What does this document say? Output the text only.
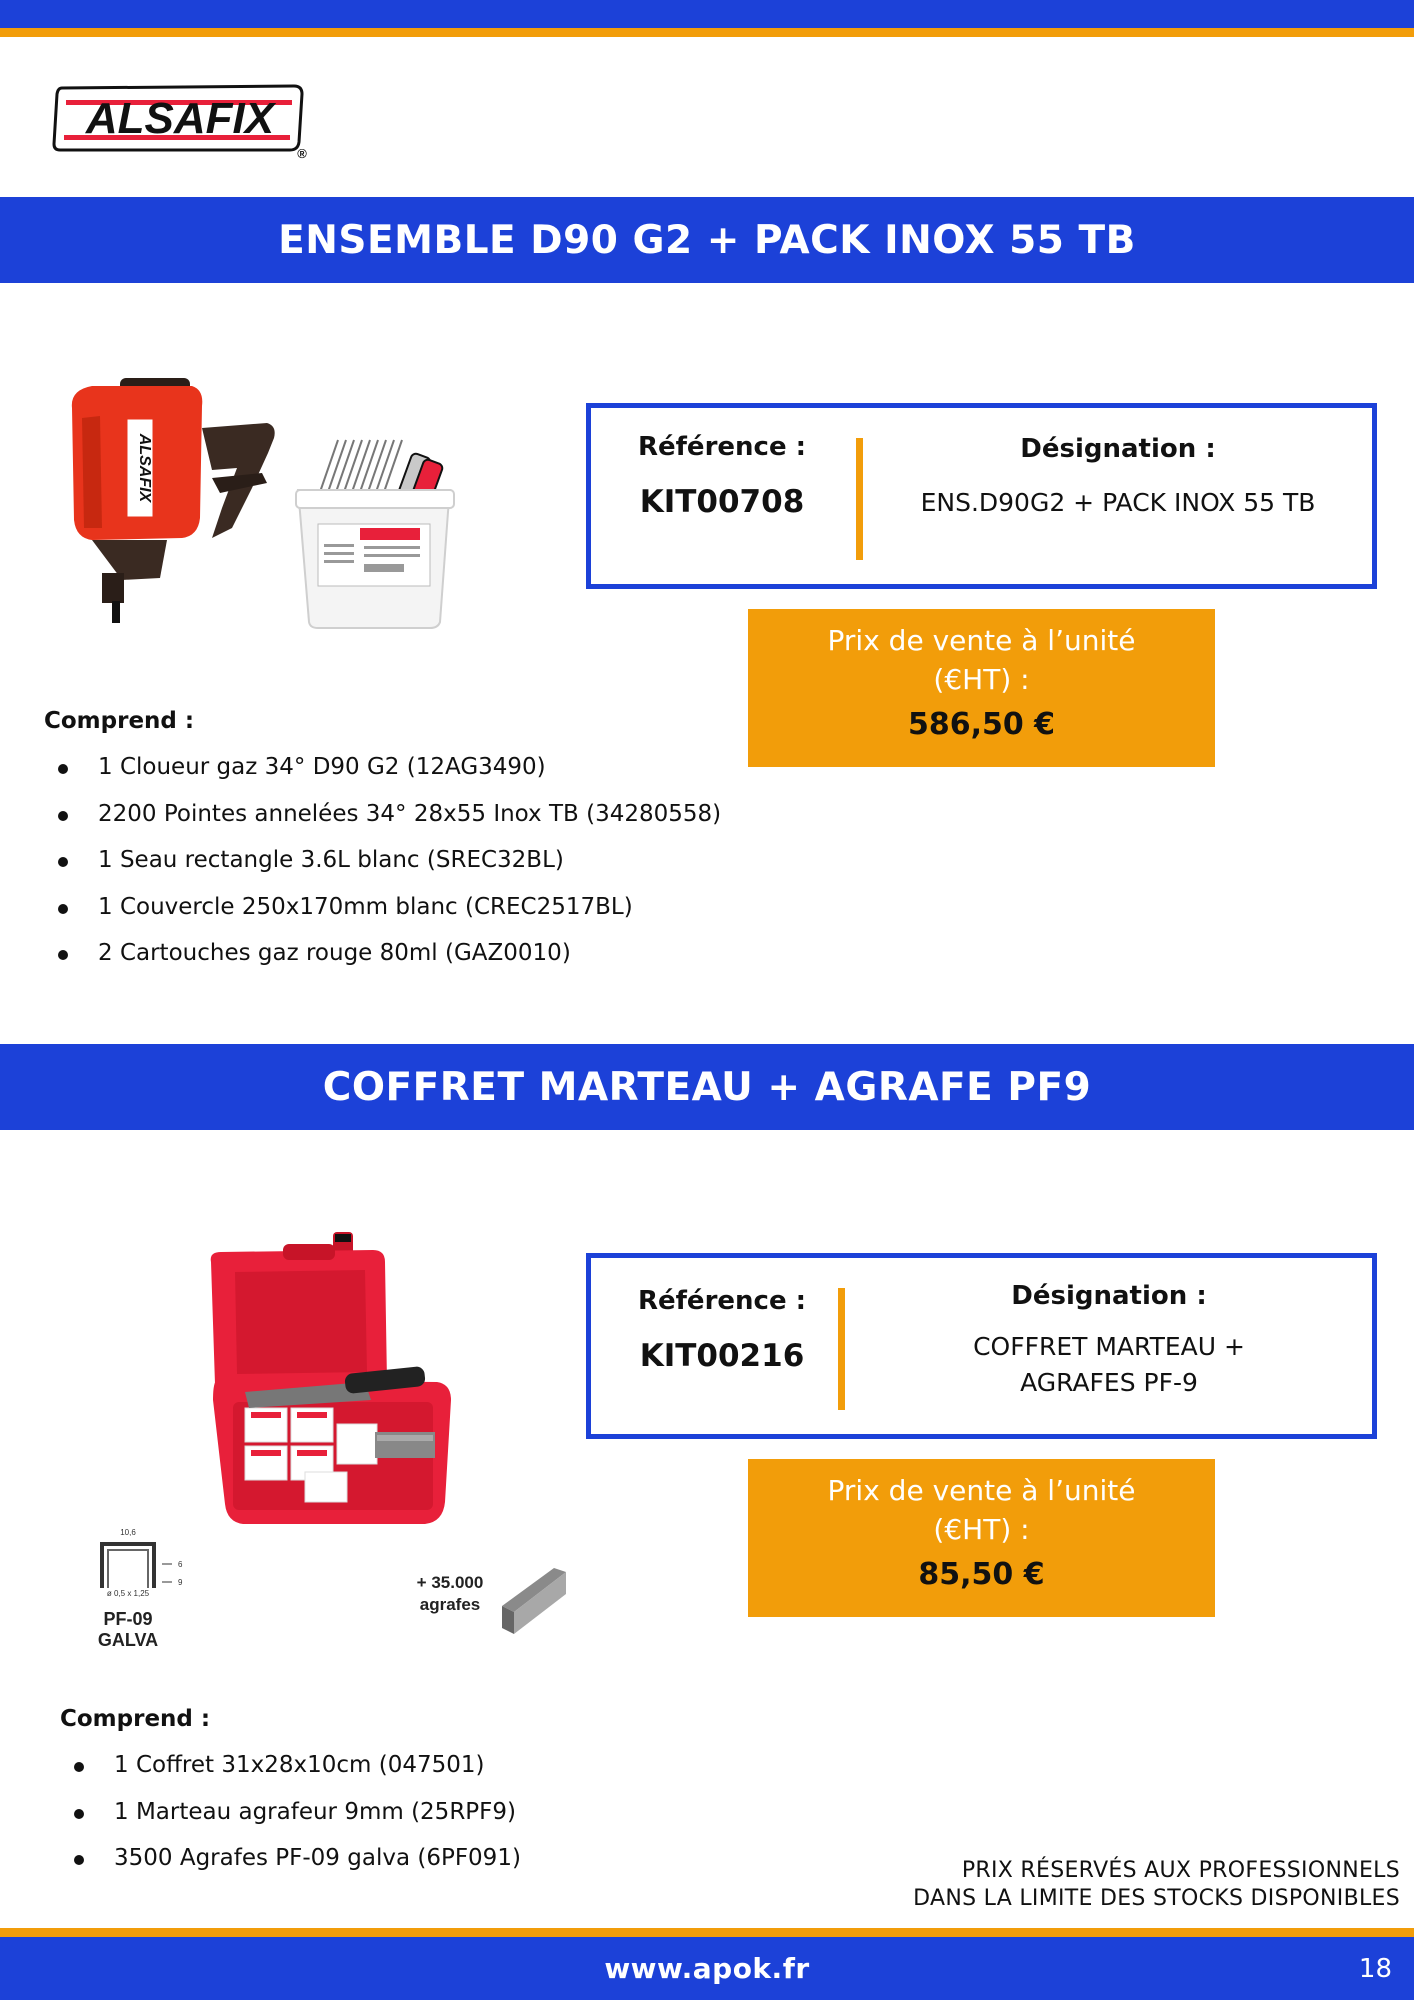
ALSAFIX
®
ENSEMBLE D90 G2 + PACK INOX 55 TB
ALSAFIX	Référence :
KIT00708
Désignation :
ENS.D90G2 + PACK INOX 55 TB
Prix de vente à l’unité (€HT) :
586,50 €
Comprend :
1 Cloueur gaz 34° D90 G2 (12AG3490)
2200 Pointes annelées 34° 28x55 Inox TB (34280558)
1 Seau rectangle 3.6L blanc (SREC32BL)
1 Couvercle 250x170mm blanc (CREC2517BL)
2 Cartouches gaz rouge 80ml (GAZ0010)
COFFRET MARTEAU + AGRAFE PF9
10,6
6
9
ø 0,5 x 1,25
PF-09
GALVA
+ 35.000
agrafes
Référence :
KIT00216
Désignation :
COFFRET MARTEAU +
AGRAFES PF-9
Prix de vente à l’unité (€HT) :
85,50 €
Comprend :
1 Coffret 31x28x10cm (047501)
1 Marteau agrafeur 9mm (25RPF9)
3500 Agrafes PF-09 galva (6PF091)	PRIX RÉSERVÉS AUX PROFESSIONNELS
DANS LA LIMITE DES STOCKS DISPONIBLES
www.apok.fr	18
